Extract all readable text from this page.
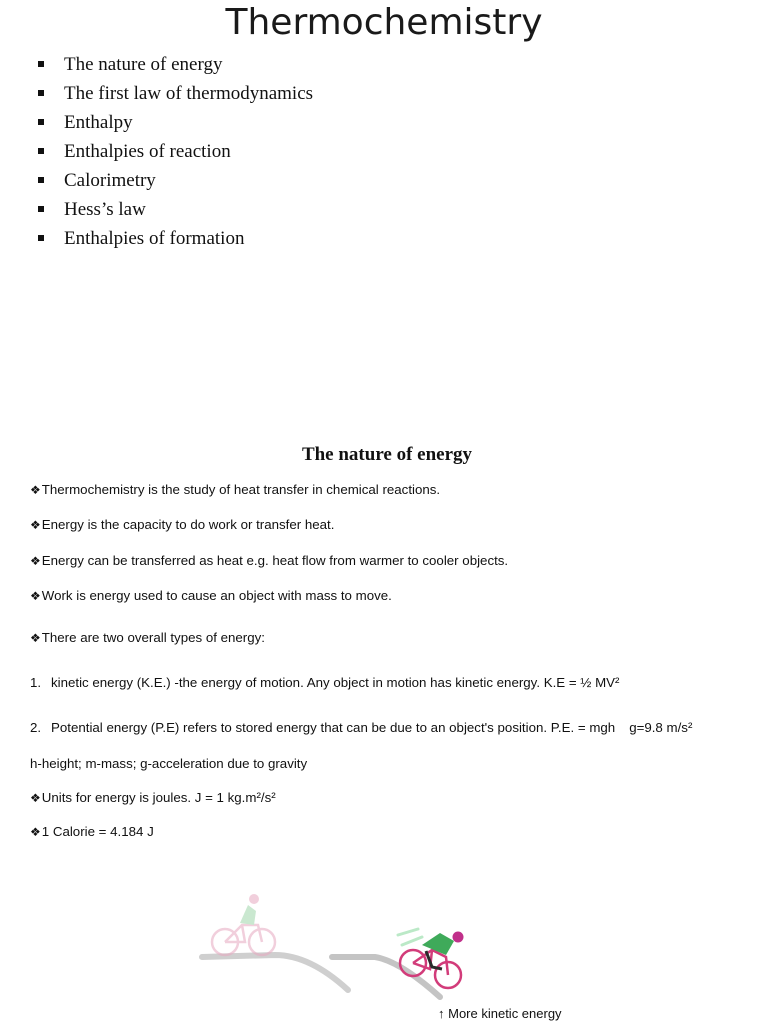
Thermochemistry
The nature of energy
The first law of thermodynamics
Enthalpy
Enthalpies of reaction
Calorimetry
Hess’s law
Enthalpies of formation
The nature of energy
❖Thermochemistry is the study of heat transfer in chemical reactions.
❖Energy is the capacity to do work or transfer heat.
❖Energy can be transferred as heat e.g. heat flow from warmer to cooler objects.
❖Work is energy used to cause an object with mass to move.
❖There are two overall types of energy:
1. kinetic energy (K.E.) -the energy of motion. Any object in motion has kinetic energy. K.E = ½ MV²
2. Potential energy (P.E) refers to stored energy that can be due to an object's position. P.E. = mgh g=9.8 m/s²
h-height; m-mass; g-acceleration due to gravity
❖Units for energy is joules. J = 1 kg.m²/s²
❖1 Calorie = 4.184 J
↑ More kinetic energy
